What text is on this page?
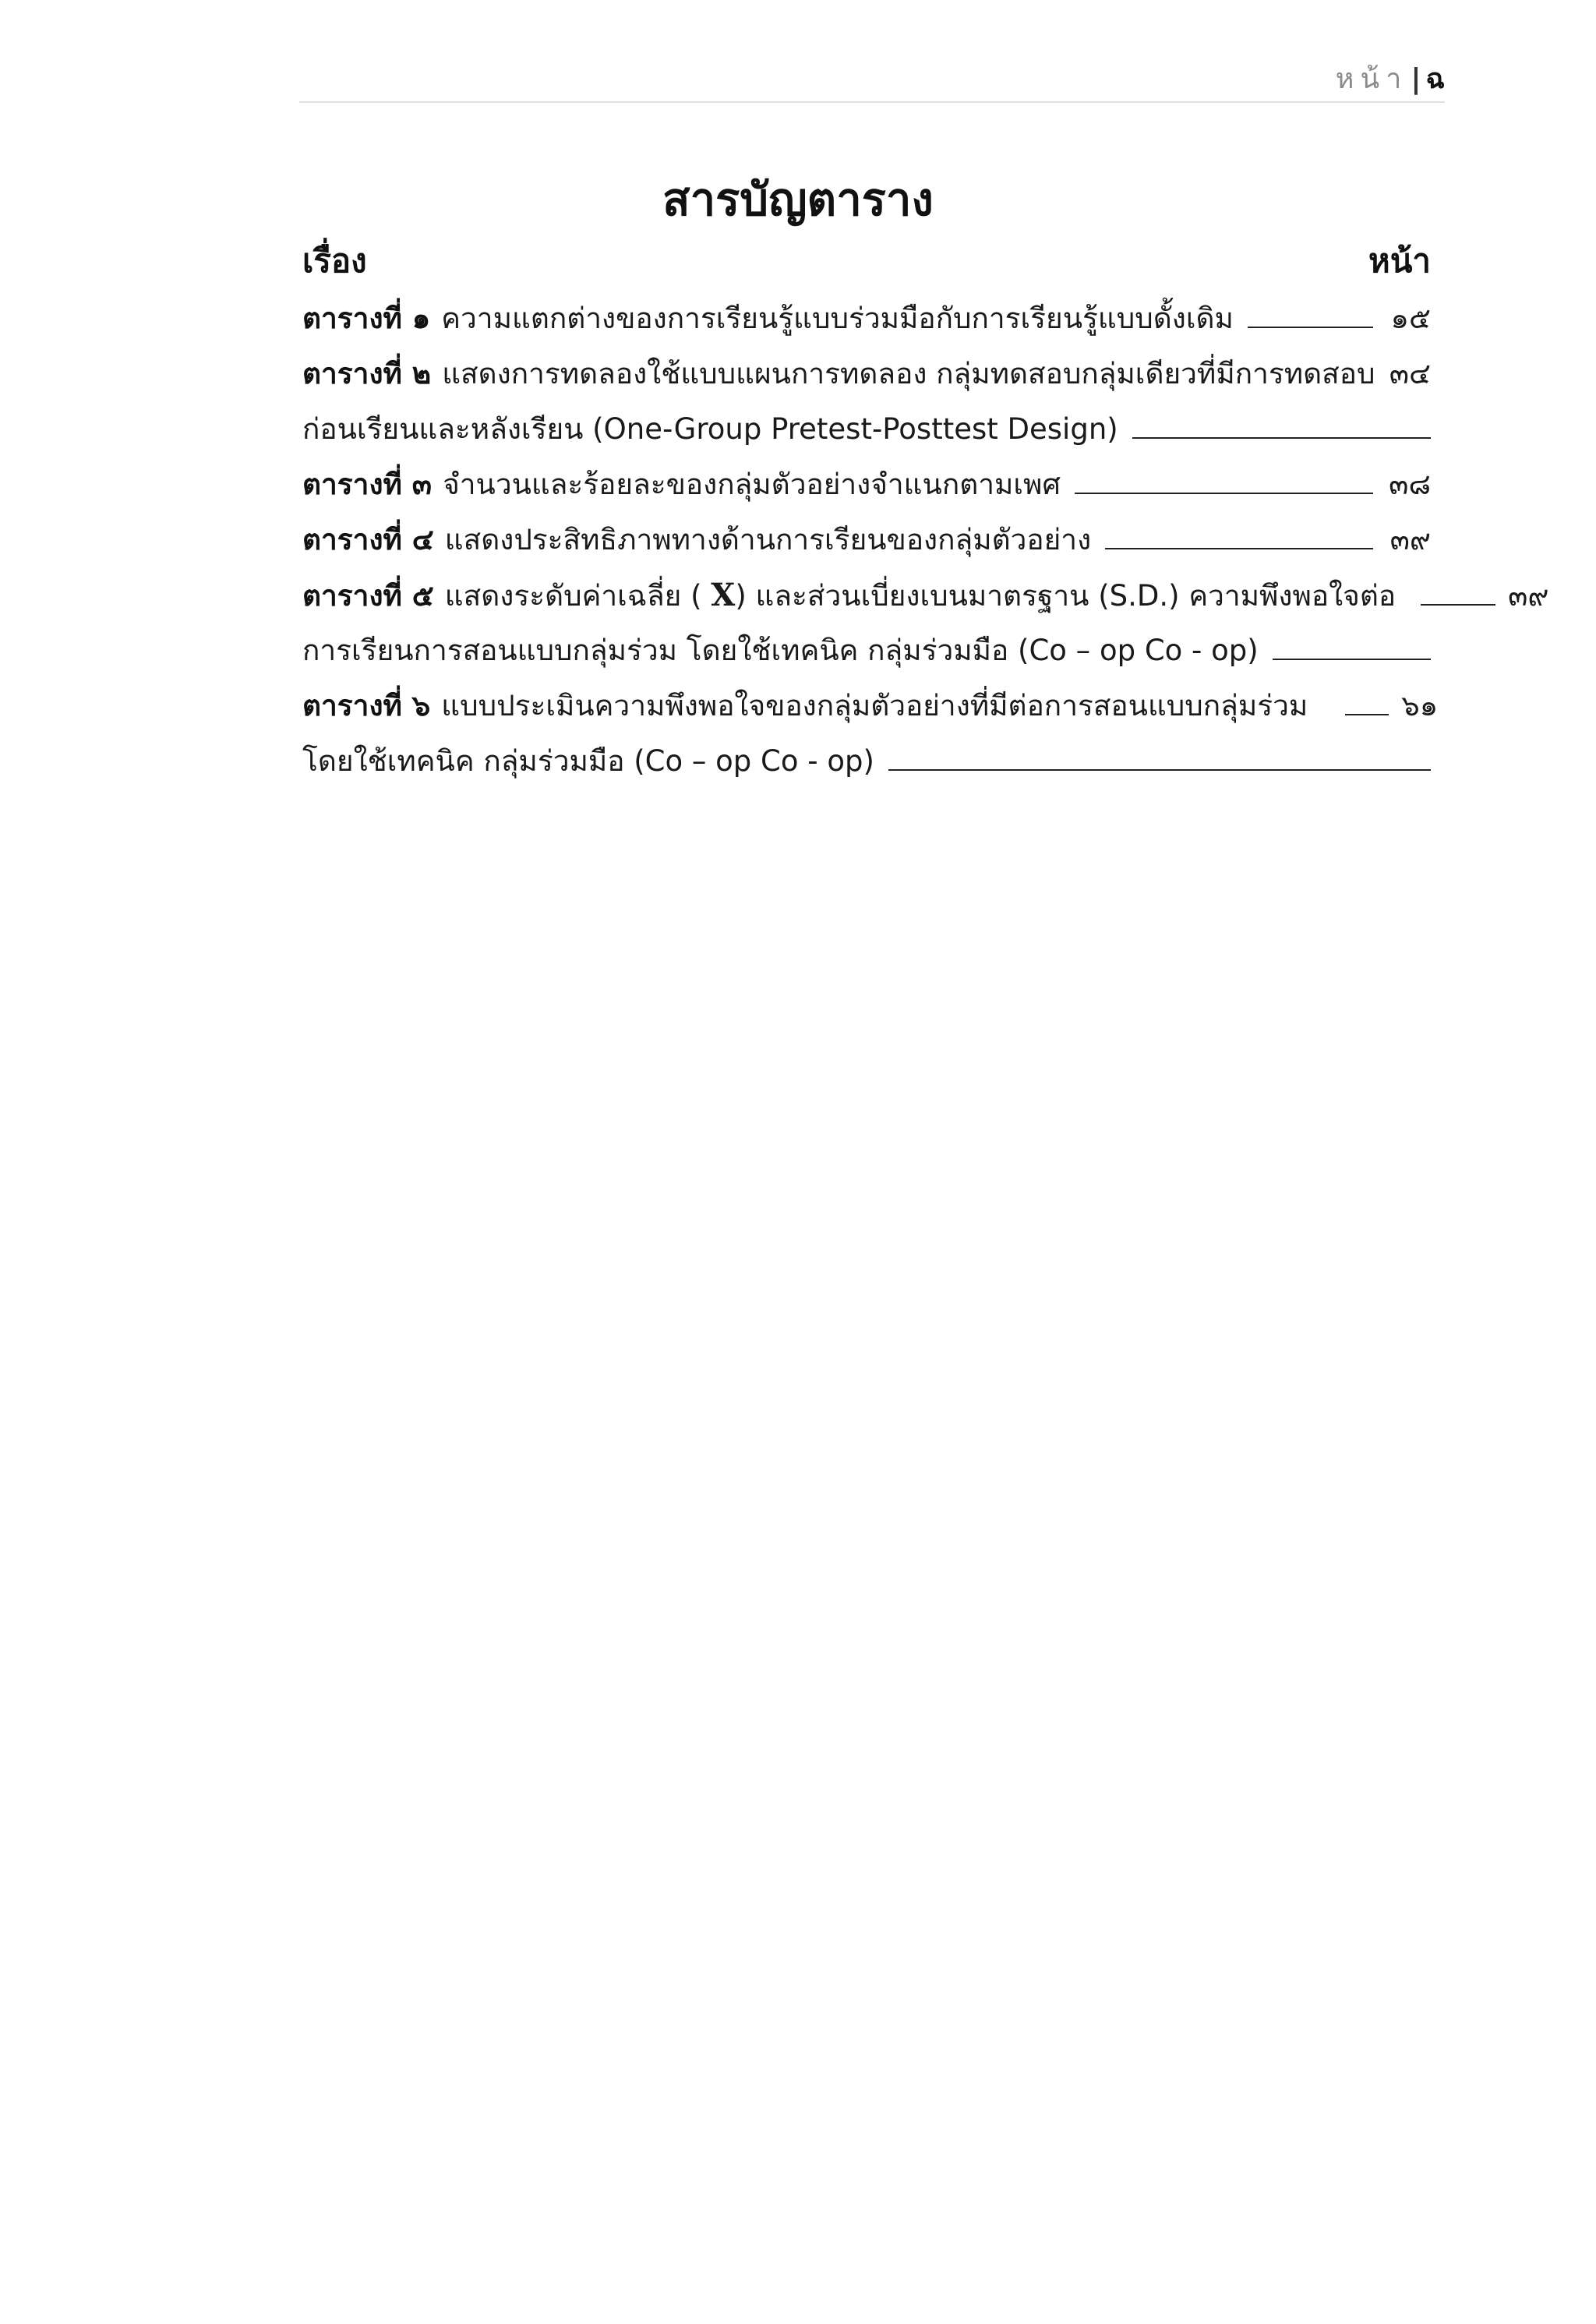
หน้า | ฉ
สารบัญตาราง
เรื่อง	หน้า
ตารางที่ ๑ ความแตกต่างของการเรียนรู้แบบร่วมมือกับการเรียนรู้แบบดั้งเดิม	๑๕
ตารางที่ ๒ แสดงการทดลองใช้แบบแผนการทดลอง กลุ่มทดสอบกลุ่มเดียวที่มีการทดสอบ ๓๔
ก่อนเรียนและหลังเรียน (One-Group Pretest-Posttest Design)
ตารางที่ ๓ จำนวนและร้อยละของกลุ่มตัวอย่างจำแนกตามเพศ	๓๘
ตารางที่ ๔ แสดงประสิทธิภาพทางด้านการเรียนของกลุ่มตัวอย่าง	๓๙
ตารางที่ ๕ แสดงระดับค่าเฉลี่ย ( X) และส่วนเบี่ยงเบนมาตรฐาน (S.D.) ความพึงพอใจต่อ	๓๙
การเรียนการสอนแบบกลุ่มร่วม โดยใช้เทคนิค กลุ่มร่วมมือ (Co – op Co - op)
ตารางที่ ๖ แบบประเมินความพึงพอใจของกลุ่มตัวอย่างที่มีต่อการสอนแบบกลุ่มร่วม	๖๑
โดยใช้เทคนิค กลุ่มร่วมมือ (Co – op Co - op)
